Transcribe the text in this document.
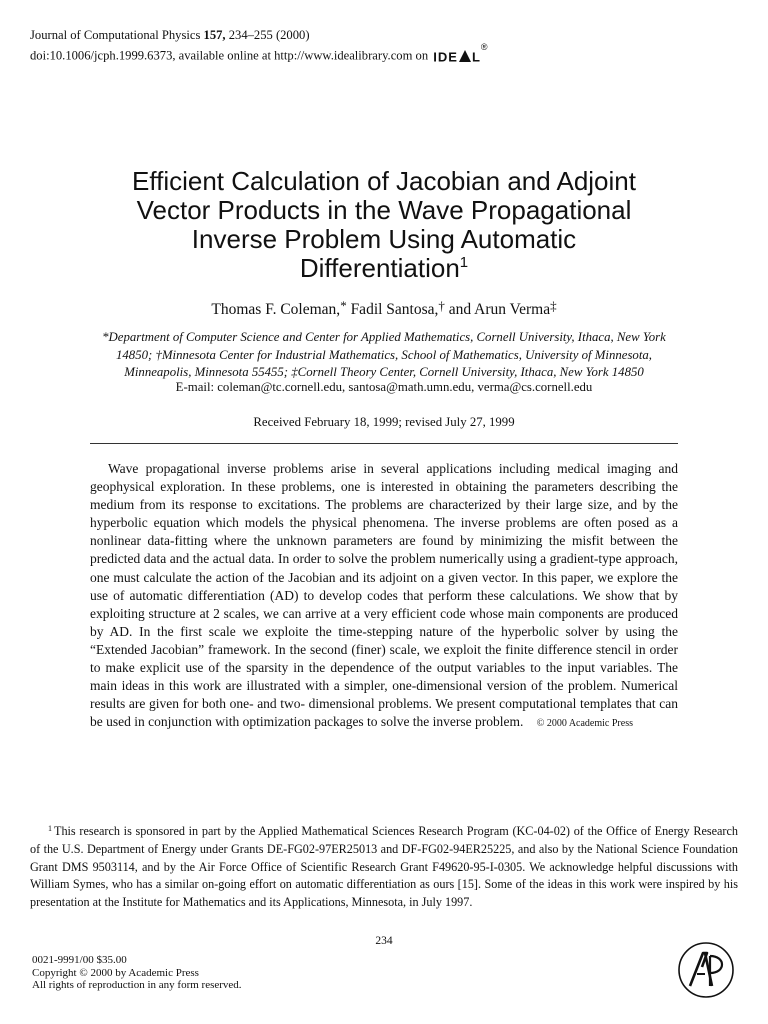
Journal of Computational Physics 157, 234–255 (2000)
doi:10.1006/jcph.1999.6373, available online at http://www.idealibrary.com on IDE L®
Efficient Calculation of Jacobian and Adjoint
Vector Products in the Wave Propagational
Inverse Problem Using Automatic
Differentiation$^1$
Thomas F. Coleman,* Fadil Santosa,† and Arun Verma‡
*Department of Computer Science and Center for Applied Mathematics, Cornell University, Ithaca, New York
14850; †Minnesota Center for Industrial Mathematics, School of Mathematics, University of Minnesota,
Minneapolis, Minnesota 55455; ‡Cornell Theory Center, Cornell University, Ithaca, New York 14850
E-mail: coleman@tc.cornell.edu, santosa@math.umn.edu, verma@cs.cornell.edu
Received February 18, 1999; revised July 27, 1999
Wave propagational inverse problems arise in several applications including medical imaging and geophysical exploration. In these problems, one is interested in obtaining the parameters describing the medium from its response to excitations. The problems are characterized by their large size, and by the hyperbolic equation which models the physical phenomena. The inverse problems are often posed as a nonlinear data-fitting where the unknown parameters are found by minimizing the misfit between the predicted data and the actual data. In order to solve the problem numerically using a gradient-type approach, one must calculate the action of the Jacobian and its adjoint on a given vector. In this paper, we explore the use of automatic differentiation (AD) to develop codes that perform these calculations. We show that by exploiting structure at 2 scales, we can arrive at a very efficient code whose main components are produced by AD. In the first scale we exploite the time-stepping nature of the hyperbolic solver by using the “Extended Jacobian” framework. In the second (finer) scale, we exploit the finite difference stencil in order to make explicit use of the sparsity in the dependence of the output variables to the input variables. The main ideas in this work are illustrated with a simpler, one-dimensional version of the problem. Numerical results are given for both one- and two- dimensional problems. We present computational templates that can be used in conjunction with optimization packages to solve the inverse problem. © 2000 Academic Press
$^1$ This research is sponsored in part by the Applied Mathematical Sciences Research Program (KC-04-02) of the Office of Energy Research of the U.S. Department of Energy under Grants DE-FG02-97ER25013 and DF-FG02-94ER25225, and also by the National Science Foundation Grant DMS 9503114, and by the Air Force Office of Scientific Research Grant F49620-95-I-0305. We acknowledge helpful discussions with William Symes, who has a similar on-going effort on automatic differentiation as ours [15]. Some of the ideas in this work were inspired by his presentation at the Institute for Mathematics and its Applications, Minnesota, in July 1997.
234
0021-9991/00 $35.00
Copyright © 2000 by Academic Press
All rights of reproduction in any form reserved.
